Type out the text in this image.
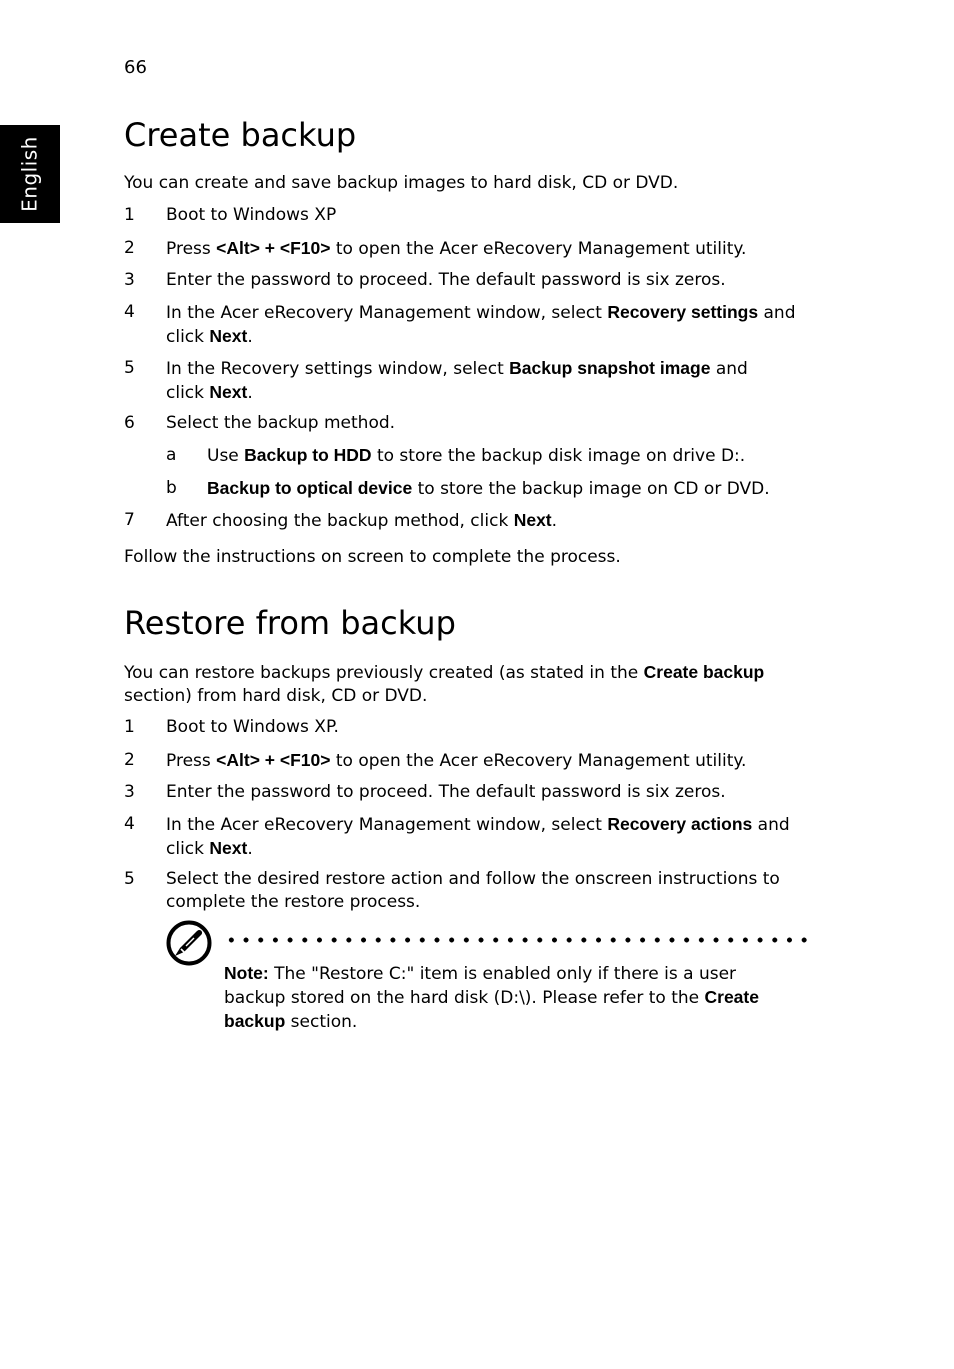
66
English
Create backup

You can create and save backup images to hard disk, CD or DVD.

1 Boot to Windows XP
2 Press <Alt> + <F10> to open the Acer eRecovery Management utility.
3 Enter the password to proceed. The default password is six zeros.
4 In the Acer eRecovery Management window, select Recovery settings and click Next.
5 In the Recovery settings window, select Backup snapshot image and click Next.
6 Select the backup method.
a Use Backup to HDD to store the backup disk image on drive D:.
b Backup to optical device to store the backup image on CD or DVD.
7 After choosing the backup method, click Next.

Follow the instructions on screen to complete the process.

Restore from backup

You can restore backups previously created (as stated in the Create backup section) from hard disk, CD or DVD.

1 Boot to Windows XP.
2 Press <Alt> + <F10> to open the Acer eRecovery Management utility.
3 Enter the password to proceed. The default password is six zeros.
4 In the Acer eRecovery Management window, select Recovery actions and click Next.
5 Select the desired restore action and follow the onscreen instructions to complete the restore process.
Note: The "Restore C:" item is enabled only if there is a user backup stored on the hard disk (D:\). Please refer to the Create backup section.
